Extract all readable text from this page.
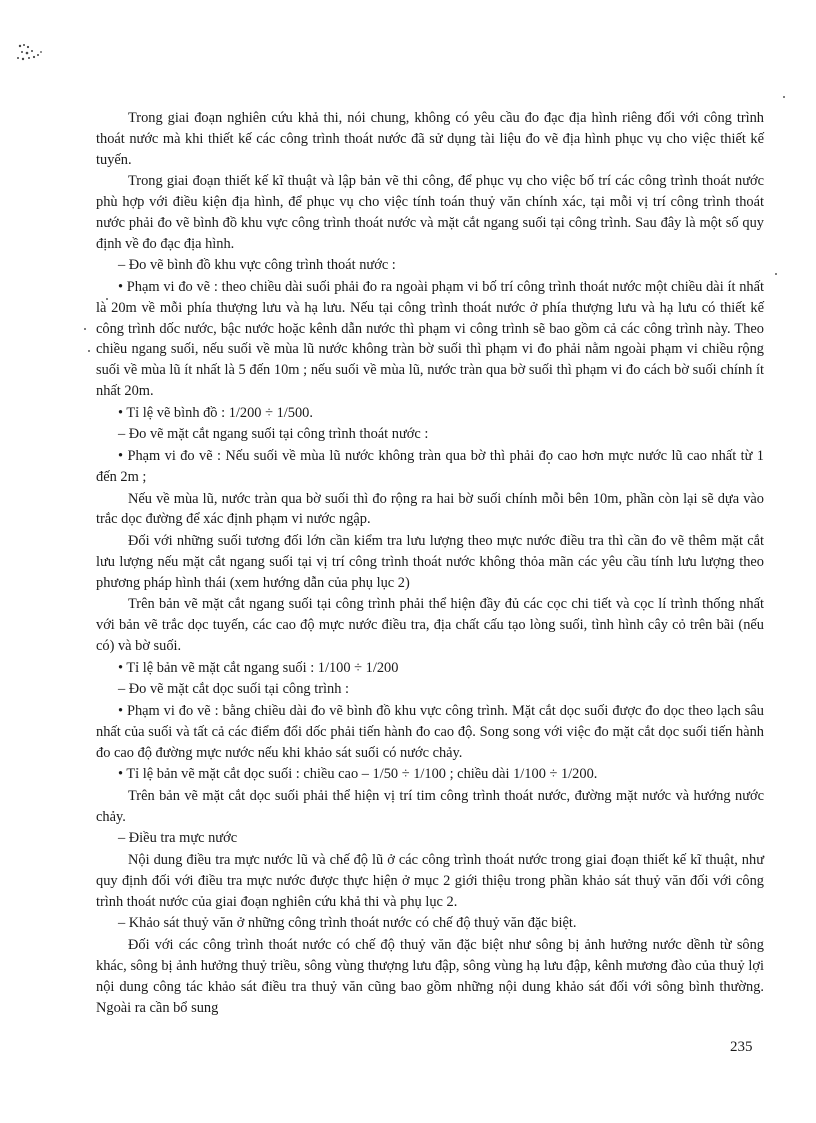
Trong giai đoạn nghiên cứu khả thi, nói chung, không có yêu cầu đo đạc địa hình riêng đối với công trình thoát nước mà khi thiết kế các công trình thoát nước đã sử dụng tài liệu đo vẽ địa hình phục vụ cho việc thiết kế tuyến.

Trong giai đoạn thiết kế kĩ thuật và lập bản vẽ thi công, để phục vụ cho việc bố trí các công trình thoát nước phù hợp với điều kiện địa hình, để phục vụ cho việc tính toán thuỷ văn chính xác, tại mỗi vị trí công trình thoát nước phải đo vẽ bình đồ khu vực công trình thoát nước và mặt cắt ngang suối tại công trình. Sau đây là một số quy định về đo đạc địa hình.

– Đo vẽ bình đồ khu vực công trình thoát nước :

• Phạm vi đo vẽ : theo chiều dài suối phải đo ra ngoài phạm vi bố trí công trình thoát nước một chiều dài ít nhất là 20m về mỗi phía thượng lưu và hạ lưu. Nếu tại công trình thoát nước ở phía thượng lưu và hạ lưu có thiết kế công trình dốc nước, bậc nước hoặc kênh dẫn nước thì phạm vi công trình sẽ bao gồm cả các công trình này. Theo chiều ngang suối, nếu suối về mùa lũ nước không tràn bờ suối thì phạm vi đo phải nằm ngoài phạm vi chiều rộng suối về mùa lũ ít nhất là 5 đến 10m ; nếu suối về mùa lũ, nước tràn qua bờ suối thì phạm vi đo cách bờ suối chính ít nhất 20m.

• Tỉ lệ vẽ bình đồ : 1/200 ÷ 1/500.

– Đo vẽ mặt cắt ngang suối tại công trình thoát nước :

• Phạm vi đo vẽ : Nếu suối về mùa lũ nước không tràn qua bờ thì phải đo cao hơn mực nước lũ cao nhất từ 1 đến 2m ;

Nếu về mùa lũ, nước tràn qua bờ suối thì đo rộng ra hai bờ suối chính mỗi bên 10m, phần còn lại sẽ dựa vào trắc dọc đường để xác định phạm vi nước ngập.

Đối với những suối tương đối lớn cần kiểm tra lưu lượng theo mực nước điều tra thì cần đo vẽ thêm mặt cắt lưu lượng nếu mặt cắt ngang suối tại vị trí công trình thoát nước không thỏa mãn các yêu cầu tính lưu lượng theo phương pháp hình thái (xem hướng dẫn của phụ lục 2)

Trên bản vẽ mặt cắt ngang suối tại công trình phải thể hiện đầy đủ các cọc chi tiết và cọc lí trình thống nhất với bản vẽ trắc dọc tuyến, các cao độ mực nước điều tra, địa chất cấu tạo lòng suối, tình hình cây cỏ trên bãi (nếu có) và bờ suối.

• Tỉ lệ bản vẽ mặt cắt ngang suối : 1/100 ÷ 1/200

– Đo vẽ mặt cắt dọc suối tại công trình :

• Phạm vi đo vẽ : bằng chiều dài đo vẽ bình đồ khu vực công trình. Mặt cắt dọc suối được đo dọc theo lạch sâu nhất của suối và tất cả các điểm đổi dốc phải tiến hành đo cao độ. Song song với việc đo mặt cắt dọc suối tiến hành đo cao độ đường mực nước nếu khi khảo sát suối có nước chảy.

• Tỉ lệ bản vẽ mặt cắt dọc suối : chiều cao – 1/50 ÷ 1/100 ; chiều dài 1/100 ÷ 1/200.

Trên bản vẽ mặt cắt dọc suối phải thể hiện vị trí tim công trình thoát nước, đường mặt nước và hướng nước chảy.

– Điều tra mực nước

Nội dung điều tra mực nước lũ và chế độ lũ ở các công trình thoát nước trong giai đoạn thiết kế kĩ thuật, như quy định đối với điều tra mực nước được thực hiện ở mục 2 giới thiệu trong phần khảo sát thuỷ văn đối với công trình thoát nước của giai đoạn nghiên cứu khả thi và phụ lục 2.

– Khảo sát thuỷ văn ở những công trình thoát nước có chế độ thuỷ văn đặc biệt.

Đối với các công trình thoát nước có chế độ thuỷ văn đặc biệt như sông bị ảnh hưởng nước dềnh từ sông khác, sông bị ảnh hưởng thuỷ triều, sông vùng thượng lưu đập, sông vùng hạ lưu đập, kênh mương đào của thuỷ lợi nội dung công tác khảo sát điều tra thuỷ văn cũng bao gồm những nội dung khảo sát đối với sông bình thường. Ngoài ra cần bổ sung

235
